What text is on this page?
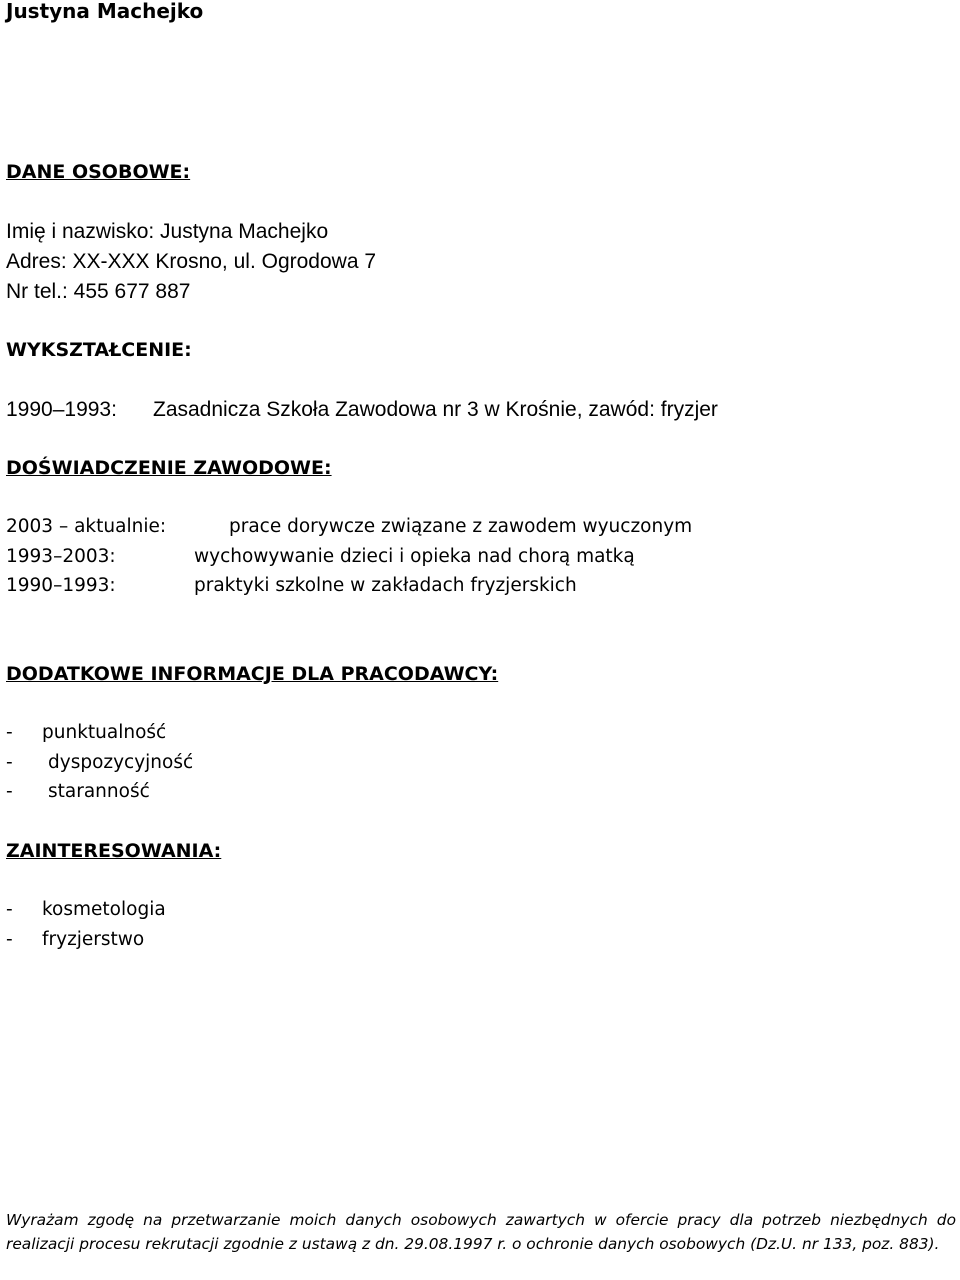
Justyna Machejko
DANE OSOBOWE:
Imię i nazwisko: Justyna Machejko
Adres: XX-XXX Krosno, ul. Ogrodowa 7
Nr tel.: 455 677 887
WYKSZTAŁCENIE:
1990–1993: Zasadnicza Szkoła Zawodowa nr 3 w Krośnie, zawód: fryzjer
DOŚWIADCZENIE ZAWODOWE:
2003 – aktualnie:	prace dorywcze związane z zawodem wyuczonym
1993–2003:	wychowywanie dzieci i opieka nad chorą matką
1990–1993:	praktyki szkolne w zakładach fryzjerskich
DODATKOWE INFORMACJE DLA PRACODAWCY:
- punktualność
- dyspozycyjność
- staranność
ZAINTERESOWANIA:
- kosmetologia
- fryzjerstwo
Wyrażam zgodę na przetwarzanie moich danych osobowych zawartych w ofercie pracy dla potrzeb niezbędnych do realizacji procesu rekrutacji zgodnie z ustawą z dn. 29.08.1997 r. o ochronie danych osobowych (Dz.U. nr 133, poz. 883).
